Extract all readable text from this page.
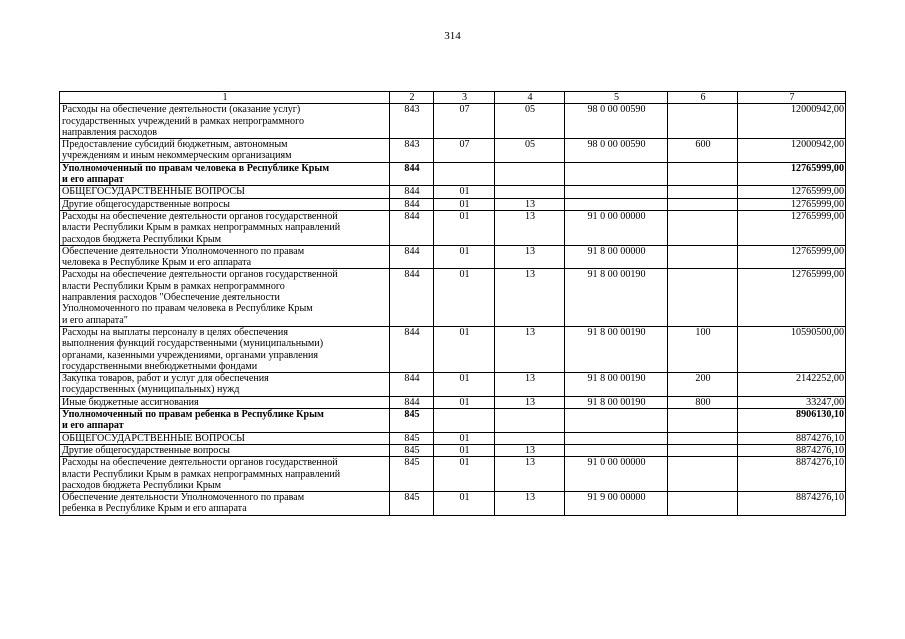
314
1	2	3	4	5	6	7
Расходы на обеспечение деятельности (оказание услуг)
государственных учреждений в рамках непрограммного
направления расходов	843	07	05	98 0 00 00590		12000942,00
Предоставление субсидий бюджетным, автономным
учреждениям и иным некоммерческим организациям	843	07	05	98 0 00 00590	600	12000942,00
Уполномоченный по правам человека в Республике Крым
и его аппарат	844					12765999,00
ОБЩЕГОСУДАРСТВЕННЫЕ ВОПРОСЫ	844	01				12765999,00
Другие общегосударственные вопросы	844	01	13			12765999,00
Расходы на обеспечение деятельности органов государственной
власти Республики Крым в рамках непрограммных направлений
расходов бюджета Республики Крым	844	01	13	91 0 00 00000		12765999,00
Обеспечение деятельности Уполномоченного по правам
человека в Республике Крым и его аппарата	844	01	13	91 8 00 00000		12765999,00
Расходы на обеспечение деятельности органов государственной
власти Республики Крым в рамках непрограммного
направления расходов "Обеспечение деятельности
Уполномоченного по правам человека в Республике Крым
и его аппарата"	844	01	13	91 8 00 00190		12765999,00
Расходы на выплаты персоналу в целях обеспечения
выполнения функций государственными (муниципальными)
органами, казенными учреждениями, органами управления
государственными внебюджетными фондами	844	01	13	91 8 00 00190	100	10590500,00
Закупка товаров, работ и услуг для обеспечения
государственных (муниципальных) нужд	844	01	13	91 8 00 00190	200	2142252,00
Иные бюджетные ассигнования	844	01	13	91 8 00 00190	800	33247,00
Уполномоченный по правам ребенка в Республике Крым
и его аппарат	845					8906130,10
ОБЩЕГОСУДАРСТВЕННЫЕ ВОПРОСЫ	845	01				8874276,10
Другие общегосударственные вопросы	845	01	13			8874276,10
Расходы на обеспечение деятельности органов государственной
власти Республики Крым в рамках непрограммных направлений
расходов бюджета Республики Крым	845	01	13	91 0 00 00000		8874276,10
Обеспечение деятельности Уполномоченного по правам
ребенка в Республике Крым и его аппарата	845	01	13	91 9 00 00000		8874276,10
